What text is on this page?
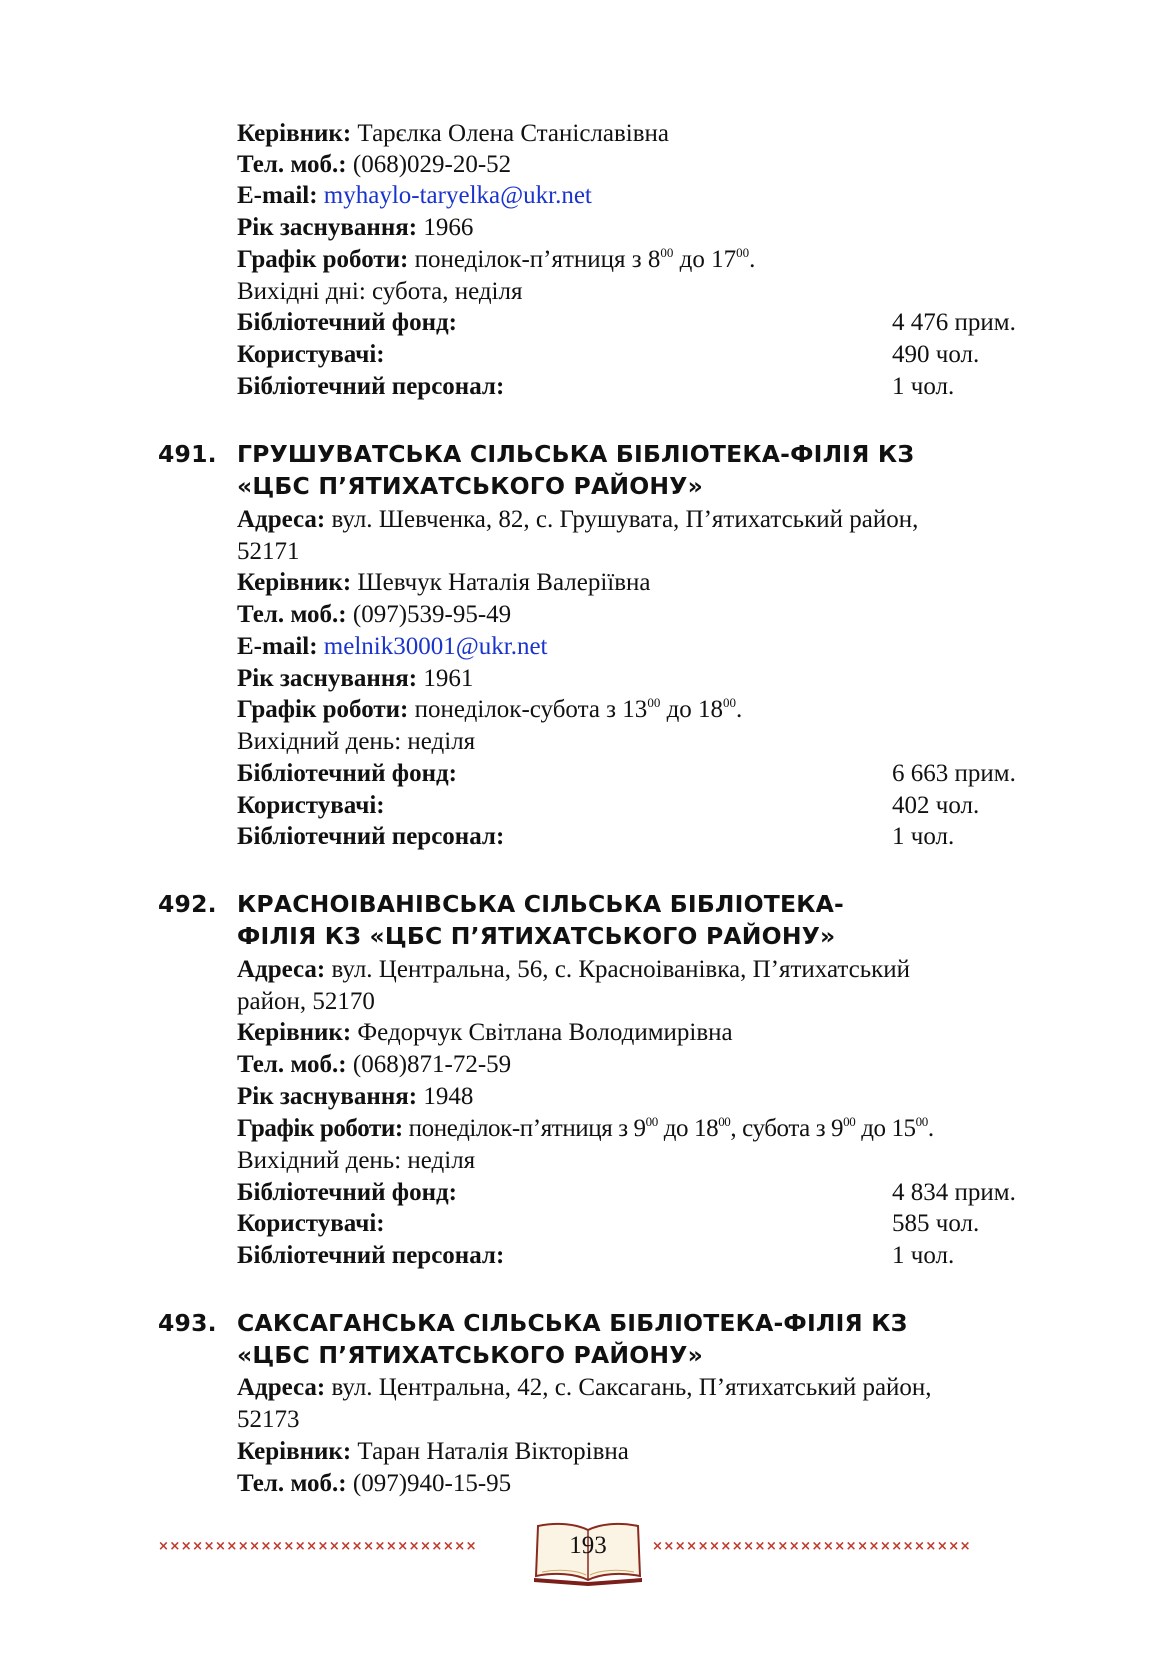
Керівник: Тарєлка Олена Станіславівна
Тел. моб.: (068)029-20-52
E-mail: myhaylo-taryelka@ukr.net
Рік заснування: 1966
Графік роботи: понеділок-п’ятниця з $8^{00}$ до $17^{00}$.
Вихідні дні: субота, неділя
Бібліотечний фонд:	4 476 прим.
Користувачі:	490 чол.
Бібліотечний персонал:	1 чол.
491. ГРУШУВАТСЬКА СІЛЬСЬКА БІБЛІОТЕКА-ФІЛІЯ КЗ
«ЦБС П’ЯТИХАТСЬКОГО РАЙОНУ»
Адреса: вул. Шевченка, 82, с. Грушувата, П’ятихатський район,
52171
Керівник: Шевчук Наталія Валеріївна
Тел. моб.: (097)539-95-49
E-mail: melnik30001@ukr.net
Рік заснування: 1961
Графік роботи: понеділок-субота з $13^{00}$ до $18^{00}$.
Вихідний день: неділя
Бібліотечний фонд:	6 663 прим.
Користувачі:	402 чол.
Бібліотечний персонал:	1 чол.
492. КРАСНОІВАНІВСЬКА СІЛЬСЬКА БІБЛІОТЕКА-
ФІЛІЯ КЗ «ЦБС П’ЯТИХАТСЬКОГО РАЙОНУ»
Адреса: вул. Центральна, 56, с. Красноіванівка, П’ятихатський
район, 52170
Керівник: Федорчук Світлана Володимирівна
Тел. моб.: (068)871-72-59
Рік заснування: 1948
Графік роботи: понеділок-п’ятниця з $9^{00}$ до $18^{00}$, субота з $9^{00}$ до $15^{00}$.
Вихідний день: неділя
Бібліотечний фонд:	4 834 прим.
Користувачі:	585 чол.
Бібліотечний персонал:	1 чол.
493. САКСАГАНСЬКА СІЛЬСЬКА БІБЛІОТЕКА-ФІЛІЯ КЗ
«ЦБС П’ЯТИХАТСЬКОГО РАЙОНУ»
Адреса: вул. Центральна, 42, с. Саксагань, П’ятихатський район,
52173
Керівник: Таран Наталія Вікторівна
Тел. моб.: (097)940-15-95
××××××××××××××××××××××××××××	193	××××××××××××××××××××××××××××
